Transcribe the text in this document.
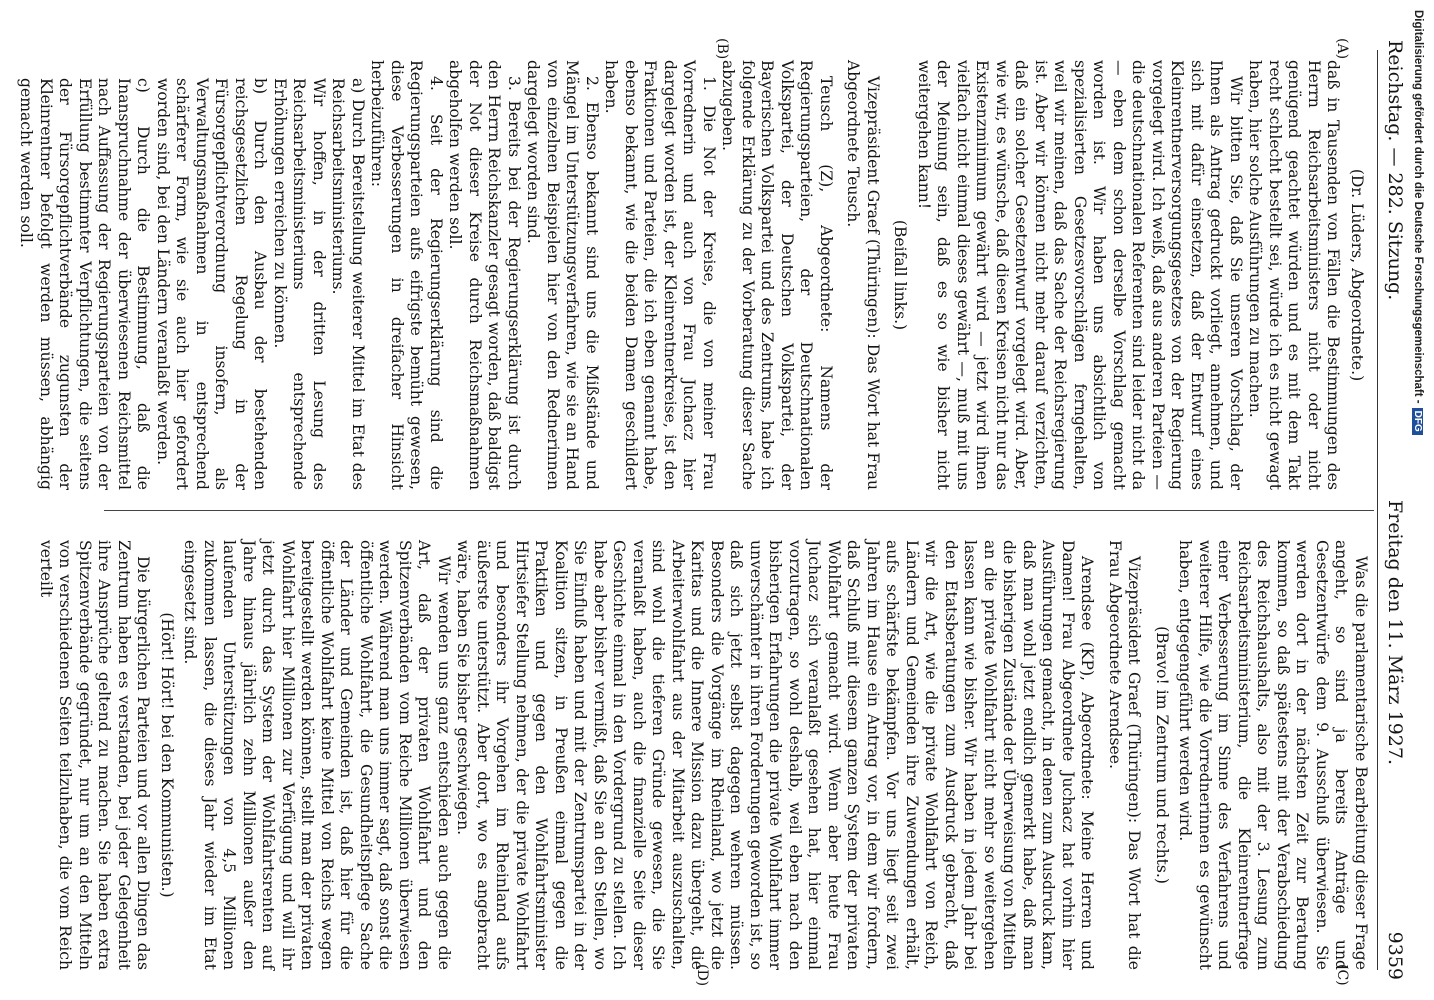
Reichstag. — 282. Sitzung.
Freitag den 11. März 1927.
9359
(A)
(B)
(C)
(D)

(Dr. Lüders, Abgeordnete.)

daß in Tausenden von Fällen die Bestimmungen des Herrn Reichsarbeitsministers nicht oder nicht genügend geachtet würden und es mit dem Takt recht schlecht bestellt sei, würde ich es nicht gewagt haben, hier solche Ausführungen zu machen.

Wir bitten Sie, daß Sie unseren Vorschlag, der Ihnen als Antrag gedruckt vorliegt, annehmen, und sich mit dafür einsetzen, daß der Entwurf eines Kleinrentnerversorgungsgesetzes von der Regierung vorgelegt wird. Ich weiß, daß aus anderen Parteien — die deutschnationalen Referenten sind leider nicht da — eben dem schon derselbe Vorschlag gemacht worden ist. Wir haben uns absichtlich von spezialisierten Gesetzesvorschlägen ferngehalten, weil wir meinen, daß das Sache der Reichsregierung ist. Aber wir können nicht mehr darauf verzichten, daß ein solcher Gesetzentwurf vorgelegt wird. Aber, wie wir, es wünsche, daß diesen Kreisen nicht nur das Existenzminimum gewährt wird — jetzt wird ihnen vielfach nicht einmal dieses gewährt —, muß mit uns der Meinung sein, daß es so wie bisher nicht weitergehen kann!

(Beifall links.)

Vizepräsident Graef (Thüringen): Das Wort hat Frau Abgeordnete Teusch.

Teusch (Z), Abgeordnete: Namens der Regierungsparteien, der Deutschnationalen Volkspartei, der Deutschen Volkspartei, der Bayerischen Volkspartei und des Zentrums, habe ich folgende Erklärung zu der Vorberatung dieser Sache abzugeben.

1. Die Not der Kreise, die von meiner Frau Vorrednerin und auch von Frau Juchacz hier dargelegt worden ist, der Kleinrentnerkreise, ist den Fraktionen und Parteien, die ich eben genannt habe, ebenso bekannt, wie die beiden Damen geschildert haben.

2. Ebenso bekannt sind uns die Mißstände und Mängel im Unterstützungsverfahren, wie sie an Hand von einzelnen Beispielen hier von den Rednerinnen dargelegt worden sind.

3. Bereits bei der Regierungserklärung ist durch den Herrn Reichskanzler gesagt worden, daß baldigst der Not dieser Kreise durch Reichsmaßnahmen abgeholfen werden soll.

4. Seit der Regierungserklärung sind die Regierungsparteien aufs eifrigste bemüht gewesen, diese Verbesserungen in dreifacher Hinsicht herbeizuführen:

a) Durch Bereitstellung weiterer Mittel im Etat des Reichsarbeitsministeriums.

Wir hoffen, in der dritten Lesung des Reichsarbeitsministeriums entsprechende Erhöhungen erreichen zu können.

b) Durch den Ausbau der bestehenden reichsgesetzlichen Regelung in der Fürsorgepflichtverordnung insofern, als Verwaltungsmaßnahmen in entsprechend schärferer Form, wie sie auch hier gefordert worden sind, bei den Ländern veranlaßt werden.

c) Durch die Bestimmung, daß die Inanspruchnahme der überwiesenen Reichsmittel nach Auffassung der Regierungsparteien von der Erfüllung bestimmter Verpflichtungen, die seitens der Fürsorgepflichtverbände zugunsten der Kleinrentner befolgt werden müssen, abhängig gemacht werden soll.

Was die parlamentarische Bearbeitung dieser Frage angeht, so sind ja bereits Anträge und Gesetzentwürfe dem 9. Ausschuß überwiesen. Sie werden dort in der nächsten Zeit zur Beratung kommen, so daß spätestens mit der Verabschiedung des Reichshaushalts, also mit der 3. Lesung zum Reichsarbeitsministerium, die Kleinrentnerfrage einer Verbesserung im Sinne des Verfahrens und weiterer Hilfe, wie die Vorrednerinnen es gewünscht haben, entgegengeführt werden wird.

(Bravo! im Zentrum und rechts.)

Vizepräsident Graef (Thüringen): Das Wort hat die Frau Abgeordnete Arendsee.

Arendsee (KP), Abgeordnete: Meine Herren und Damen! Frau Abgeordnete Juchacz hat vorhin hier Ausführungen gemacht, in denen zum Ausdruck kam, daß man wohl jetzt endlich gemerkt habe, daß man die bisherigen Zustände der Überweisung von Mitteln an die private Wohlfahrt nicht mehr so weitergehen lassen kann wie bisher. Wir haben in jedem Jahr bei den Etatsberatungen zum Ausdruck gebracht, daß wir die Art, wie die private Wohlfahrt von Reich, Ländern und Gemeinden ihre Zuwendungen erhält, aufs schärfste bekämpfen. Vor uns liegt seit zwei Jahren im Hause ein Antrag vor, in dem wir fordern, daß Schluß mit diesem ganzen System der privaten Wohlfahrt gemacht wird. Wenn aber heute Frau Juchacz sich veranlaßt gesehen hat, hier einmal vorzutragen, so wohl deshalb, weil eben nach den bisherigen Erfahrungen die private Wohlfahrt immer unverschämter in ihren Forderungen geworden ist, so daß sich jetzt selbst dagegen wehren müssen. Besonders die Vorgänge im Rheinland, wo jetzt die Karitas und die Innere Mission dazu übergeht, die Arbeiterwohlfahrt aus der Mitarbeit auszuschalten, sind wohl die tieferen Gründe gewesen, die Sie veranlaßt haben, auch die finanzielle Seite dieser Geschichte einmal in den Vordergrund zu stellen. Ich habe aber bisher vermißt, daß Sie an den Stellen, wo Sie Einfluß haben und mit der Zentrumspartei in der Koalition sitzen, in Preußen einmal gegen die Praktiken und gegen den Wohlfahrtsminister Hirtsiefer Stellung nehmen, der die private Wohlfahrt und besonders ihr Vorgehen im Rheinland aufs äußerste unterstützt. Aber dort, wo es angebracht wäre, haben Sie bisher geschwiegen.

Wir wenden uns ganz entschieden auch gegen die Art, daß der privaten Wohlfahrt und den Spitzenverbänden vom Reiche Millionen überwiesen werden. Während man uns immer sagt, daß sonst die öffentliche Wohlfahrt, die Gesundheitspflege Sache der Länder und Gemeinden ist, daß hier für die öffentliche Wohlfahrt keine Mittel von Reichs wegen bereitgestellt werden können, stellt man der privaten Wohlfahrt hier Millionen zur Verfügung und will ihr jetzt durch das System der Wohlfahrtsrenten auf Jahre hinaus jährlich zehn Millionen außer den laufenden Unterstützungen von 4,5 Millionen zukommen lassen, die dieses Jahr wieder im Etat eingesetzt sind.

(Hört! Hört! bei den Kommunisten.)

Die bürgerlichen Parteien und vor allen Dingen das Zentrum haben es verstanden, bei jeder Gelegenheit ihre Ansprüche geltend zu machen. Sie haben extra Spitzenverbände gegründet, nur um an den Mitteln von verschiedenen Seiten teilzuhaben, die vom Reich verteilt

Digitalisierung gefördert durch die Deutsche Forschungsgemeinschaft -DFG
